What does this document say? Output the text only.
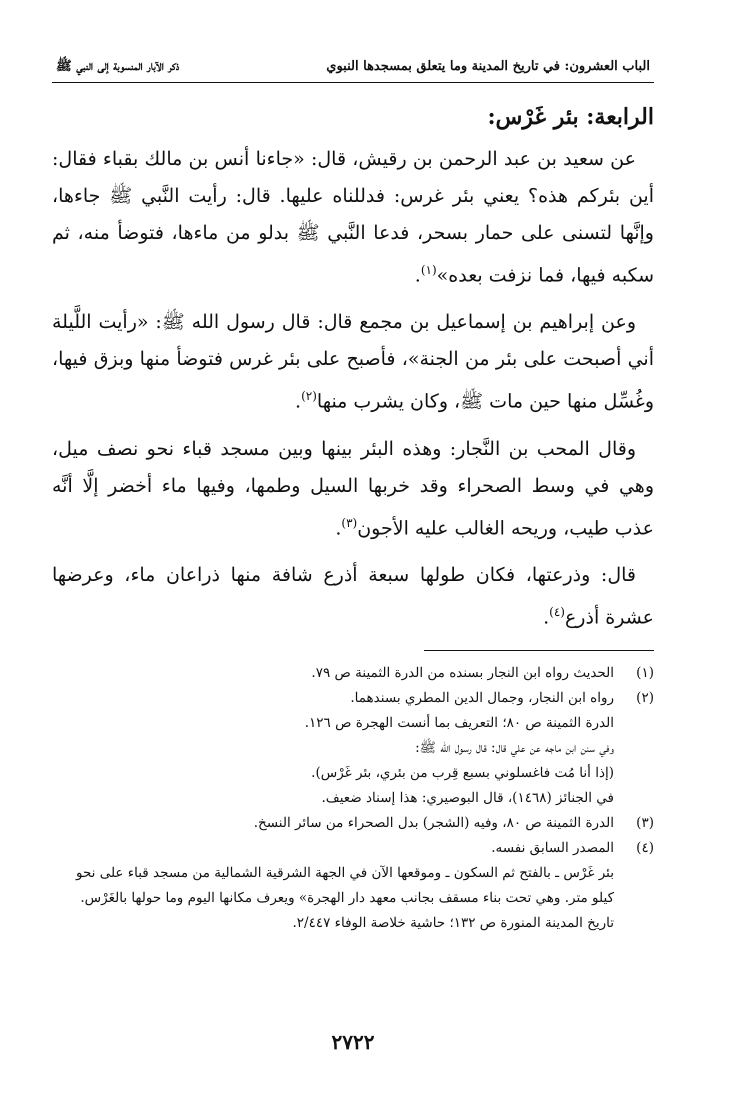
الباب العشرون: في تاريخ المدينة وما يتعلق بمسجدها النبوي
ذكر الآبار المنسوبة إلى النبي ﷺ
الرابعة: بئر غَرْس:

عن سعيد بن عبد الرحمن بن رقيش، قال: «جاءنا أنس بن مالك بقباء فقال: أين بئركم هذه؟ يعني بئر غرس: فدللناه عليها. قال: رأيت النَّبي ﷺ جاءها، وإنَّها لتسنى على حمار بسحر، فدعا النَّبي ﷺ بدلو من ماءها، فتوضأ منه، ثم سكبه فيها، فما نزفت بعده»$^{(١)}$.

وعن إبراهيم بن إسماعيل بن مجمع قال: قال رسول الله ﷺ: «رأيت اللَّيلة أني أصبحت على بئر من الجنة»، فأصبح على بئر غرس فتوضأ منها وبزق فيها، وغُسِّل منها حين مات ﷺ، وكان يشرب منها$^{(٢)}$.

وقال المحب بن النَّجار: وهذه البئر بينها وبين مسجد قباء نحو نصف ميل، وهي في وسط الصحراء وقد خربها السيل وطمها، وفيها ماء أخضر إلَّا أنَّه عذب طيب، وريحه الغالب عليه الأجون$^{(٣)}$.

قال: وذرعتها، فكان طولها سبعة أذرع شافة منها ذراعان ماء، وعرضها عشرة أذرع$^{(٤)}$.

(١)
الحديث رواه ابن النجار بسنده من الدرة الثمينة ص ٧٩.
(٢)
رواه ابن النجار، وجمال الدين المطري بسندهما.
الدرة الثمينة ص ٨٠؛ التعريف بما أنست الهجرة ص ١٢٦.
وفي سنن ابن ماجه عن علي قال: قال رسول الله ﷺ:
(إذا أنا مُت فاغسلوني بسبع قِرب من بئري، بئر غَرْس).
في الجنائز (١٤٦٨)، قال البوصيري: هذا إسناد ضعيف.
(٣)
الدرة الثمينة ص ٨٠، وفيه (الشجر) بدل الصحراء من سائر النسخ.
(٤)
المصدر السابق نفسه.
بئر غَرْس ـ بالفتح ثم السكون ـ وموقعها الآن في الجهة الشرقية الشمالية من مسجد قباء على نحو كيلو متر. وهي تحت بناء مسقف بجانب معهد دار الهجرة» ويعرف مكانها اليوم وما حولها بالغَرْس.
تاريخ المدينة المنورة ص ١٣٢؛ حاشية خلاصة الوفاء ٢/٤٤٧.
٢٧٢٢
